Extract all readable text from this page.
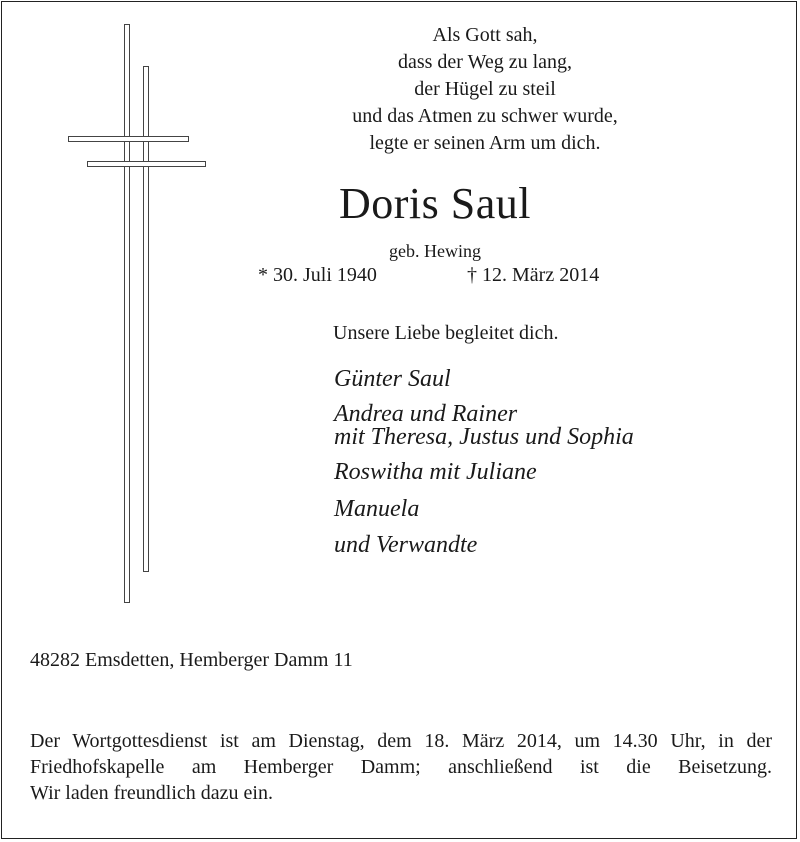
Als Gott sah,
dass der Weg zu lang,
der Hügel zu steil
und das Atmen zu schwer wurde,
legte er seinen Arm um dich.
Doris Saul
geb. Hewing
* 30. Juli 1940	† 12. März 2014
Unsere Liebe begleitet dich.
Günter Saul
Andrea und Rainer
mit Theresa, Justus und Sophia
Roswitha mit Juliane
Manuela
und Verwandte
48282 Emsdetten, Hemberger Damm 11
Der Wortgottesdienst ist am Dienstag, dem 18. März 2014, um 14.30 Uhr, in der
Friedhofskapelle am Hemberger Damm; anschließend ist die Beisetzung.
Wir laden freundlich dazu ein.
